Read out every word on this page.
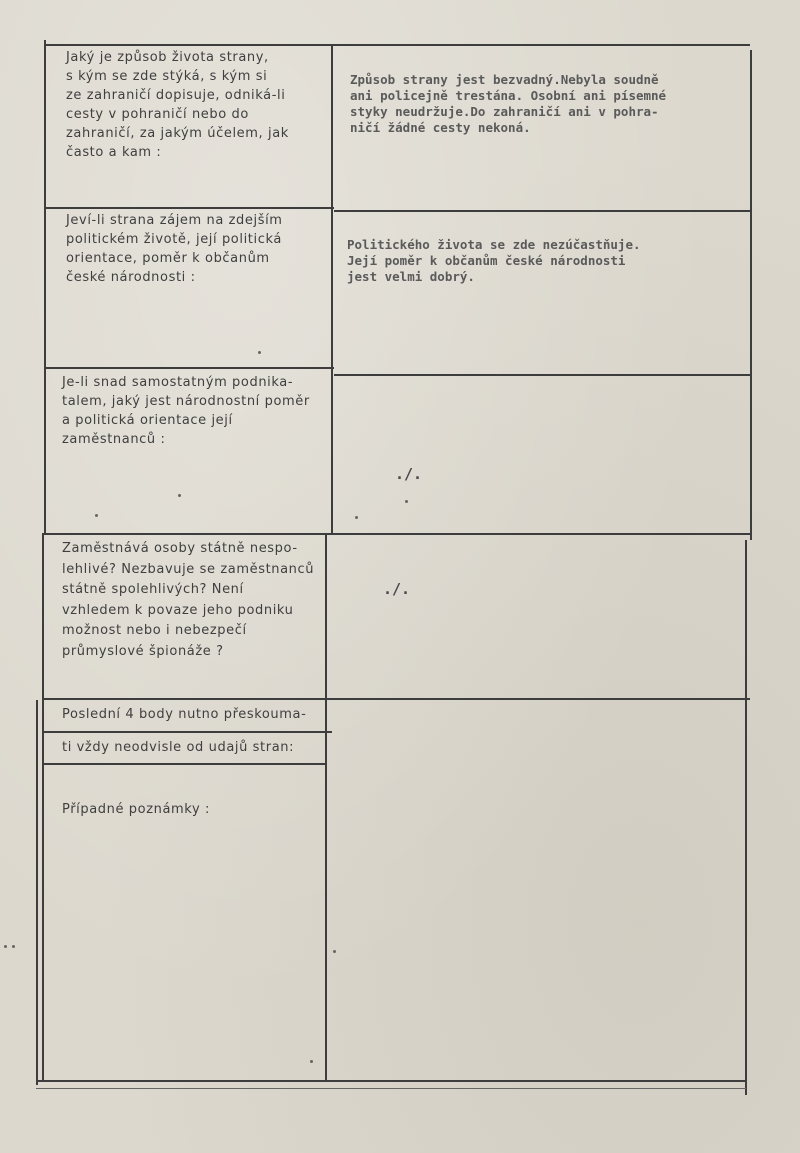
Jaký je způsob života strany,
s kým se zde stýká, s kým si
ze zahraničí dopisuje, odniká-li
cesty v pohraničí nebo do
zahraničí, za jakým účelem, jak
často a kam :
Způsob strany jest bezvadný.Nebyla soudně
ani policejně trestána. Osobní ani písemné
styky neudržuje.Do zahraničí ani v pohra-
ničí žádné cesty nekoná.
Jeví-li strana zájem na zdejším
politickém životě, její politická
orientace, poměr k občanům
české národnosti :
Politického života se zde nezúčastňuje.
Její poměr k občanům české národnosti
jest velmi dobrý.
Je-li snad samostatným podnika-
talem, jaký jest národnostní poměr
a politická orientace její
zaměstnanců :
./.
Zaměstnává osoby státně nespo-
lehlivé? Nezbavuje se zaměstnanců
státně spolehlivých? Není
vzhledem k povaze jeho podniku
možnost nebo i nebezpečí
průmyslové špionáže ?
./.
Poslední 4 body nutno přeskouma-
ti vždy neodvisle od udajů stran:
Případné poznámky :
